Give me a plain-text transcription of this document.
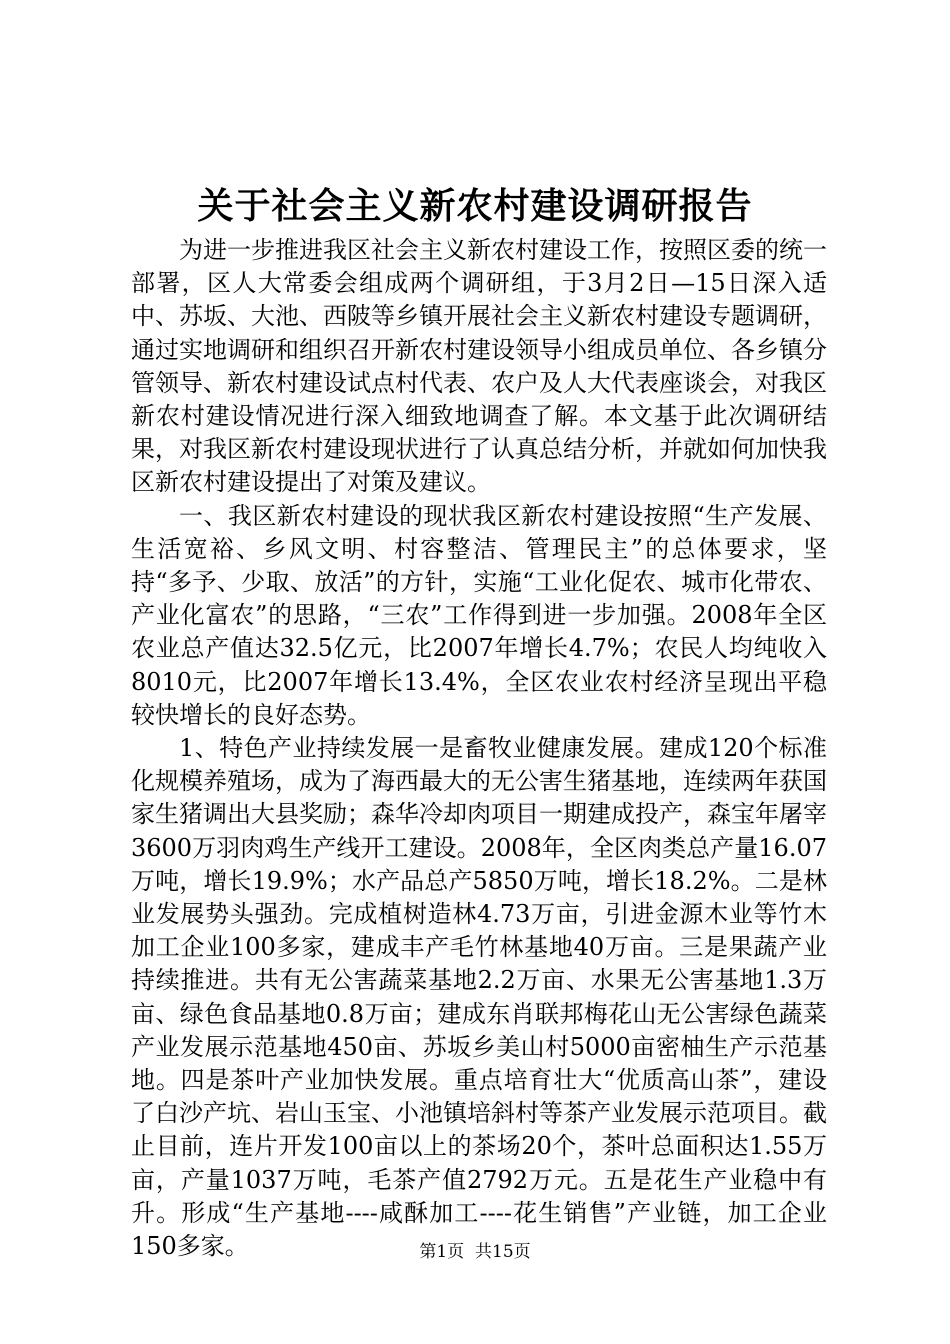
关于社会主义新农村建设调研报告

为进一步推进我区社会主义新农村建设工作，按照区委的统一部署，区人大常委会组成两个调研组，于3月2日—15日深入适中、苏坂、大池、西陂等乡镇开展社会主义新农村建设专题调研，通过实地调研和组织召开新农村建设领导小组成员单位、各乡镇分管领导、新农村建设试点村代表、农户及人大代表座谈会，对我区新农村建设情况进行深入细致地调查了解。本文基于此次调研结果，对我区新农村建设现状进行了认真总结分析，并就如何加快我区新农村建设提出了对策及建议。

一、我区新农村建设的现状我区新农村建设按照“生产发展、生活宽裕、乡风文明、村容整洁、管理民主”的总体要求，坚持“多予、少取、放活”的方针，实施“工业化促农、城市化带农、产业化富农”的思路，“三农”工作得到进一步加强。2008年全区农业总产值达32.5亿元，比2007年增长4.7%；农民人均纯收入8010元，比2007年增长13.4%，全区农业农村经济呈现出平稳较快增长的良好态势。

1、特色产业持续发展一是畜牧业健康发展。建成120个标准化规模养殖场，成为了海西最大的无公害生猪基地，连续两年获国家生猪调出大县奖励；森华冷却肉项目一期建成投产，森宝年屠宰3600万羽肉鸡生产线开工建设。2008年，全区肉类总产量16.07万吨，增长19.9%；水产品总产5850万吨，增长18.2%。二是林业发展势头强劲。完成植树造林4.73万亩，引进金源木业等竹木加工企业100多家，建成丰产毛竹林基地40万亩。三是果蔬产业持续推进。共有无公害蔬菜基地2.2万亩、水果无公害基地1.3万亩、绿色食品基地0.8万亩；建成东肖联邦梅花山无公害绿色蔬菜产业发展示范基地450亩、苏坂乡美山村5000亩密柚生产示范基地。四是茶叶产业加快发展。重点培育壮大“优质高山茶”，建设了白沙产坑、岩山玉宝、小池镇培斜村等茶产业发展示范项目。截止目前，连片开发100亩以上的茶场20个，茶叶总面积达1.55万亩，产量1037万吨，毛茶产值2792万元。五是花生产业稳中有升。形成“生产基地----咸酥加工----花生销售”产业链，加工企业150多家。	第1页 共15页
